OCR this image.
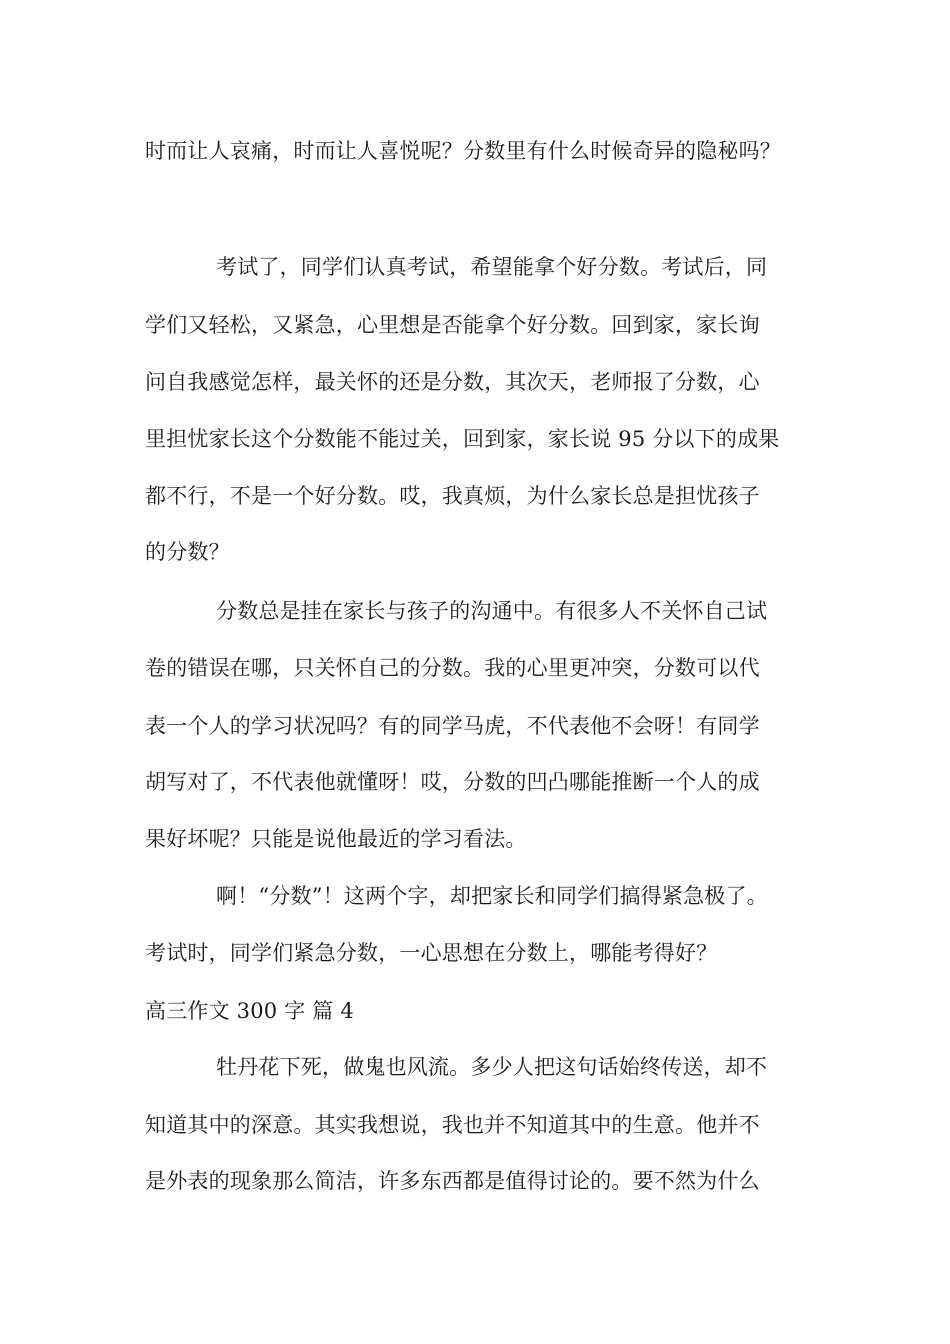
时而让人哀痛，时而让人喜悦呢？分数里有什么时候奇异的隐秘吗？
考试了，同学们认真考试，希望能拿个好分数。考试后，同
学们又轻松，又紧急，心里想是否能拿个好分数。回到家，家长询
问自我感觉怎样，最关怀的还是分数，其次天，老师报了分数，心
里担忧家长这个分数能不能过关，回到家，家长说 95 分以下的成果
都不行，不是一个好分数。哎，我真烦，为什么家长总是担忧孩子
的分数？
分数总是挂在家长与孩子的沟通中。有很多人不关怀自己试
卷的错误在哪，只关怀自己的分数。我的心里更冲突，分数可以代
表一个人的学习状况吗？有的同学马虎，不代表他不会呀！有同学
胡写对了，不代表他就懂呀！哎，分数的凹凸哪能推断一个人的成
果好坏呢？只能是说他最近的学习看法。
啊！“分数”！这两个字，却把家长和同学们搞得紧急极了。
考试时，同学们紧急分数，一心思想在分数上，哪能考得好？
高三作文 300 字 篇 4
牡丹花下死，做鬼也风流。多少人把这句话始终传送，却不
知道其中的深意。其实我想说，我也并不知道其中的生意。他并不
是外表的现象那么简洁，许多东西都是值得讨论的。要不然为什么
